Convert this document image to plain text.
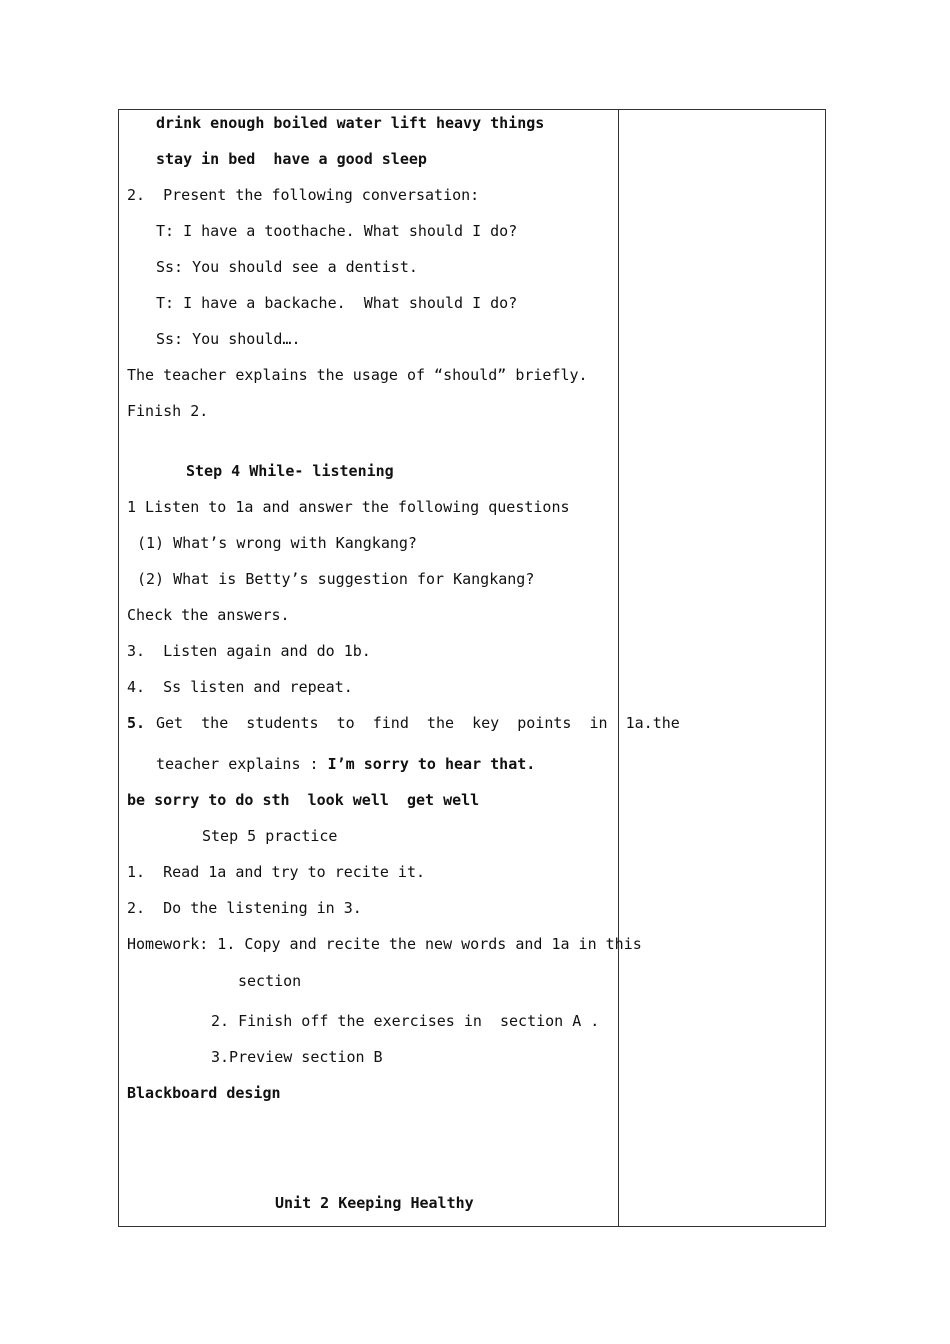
drink enough boiled water lift heavy things
stay in bed  have a good sleep
2.  Present the following conversation:
T: I have a toothache. What should I do?
Ss: You should see a dentist.
T: I have a backache.  What should I do?
Ss: You should….
The teacher explains the usage of “should” briefly.
Finish 2.
Step 4 While- listening
1 Listen to 1a and answer the following questions
(1) What’s wrong with Kangkang?
(2) What is Betty’s suggestion for Kangkang?
Check the answers.
3.  Listen again and do 1b.
4.  Ss listen and repeat.
5. Get  the  students  to  find  the  key  points  in  1a.the
teacher explains : I’m sorry to hear that.
be sorry to do sth  look well  get well
Step 5 practice
1.  Read 1a and try to recite it.
2.  Do the listening in 3.
Homework: 1. Copy and recite the new words and 1a in this
section
2. Finish off the exercises in  section A .
3.Preview section B
Blackboard design
Unit 2 Keeping Healthy
